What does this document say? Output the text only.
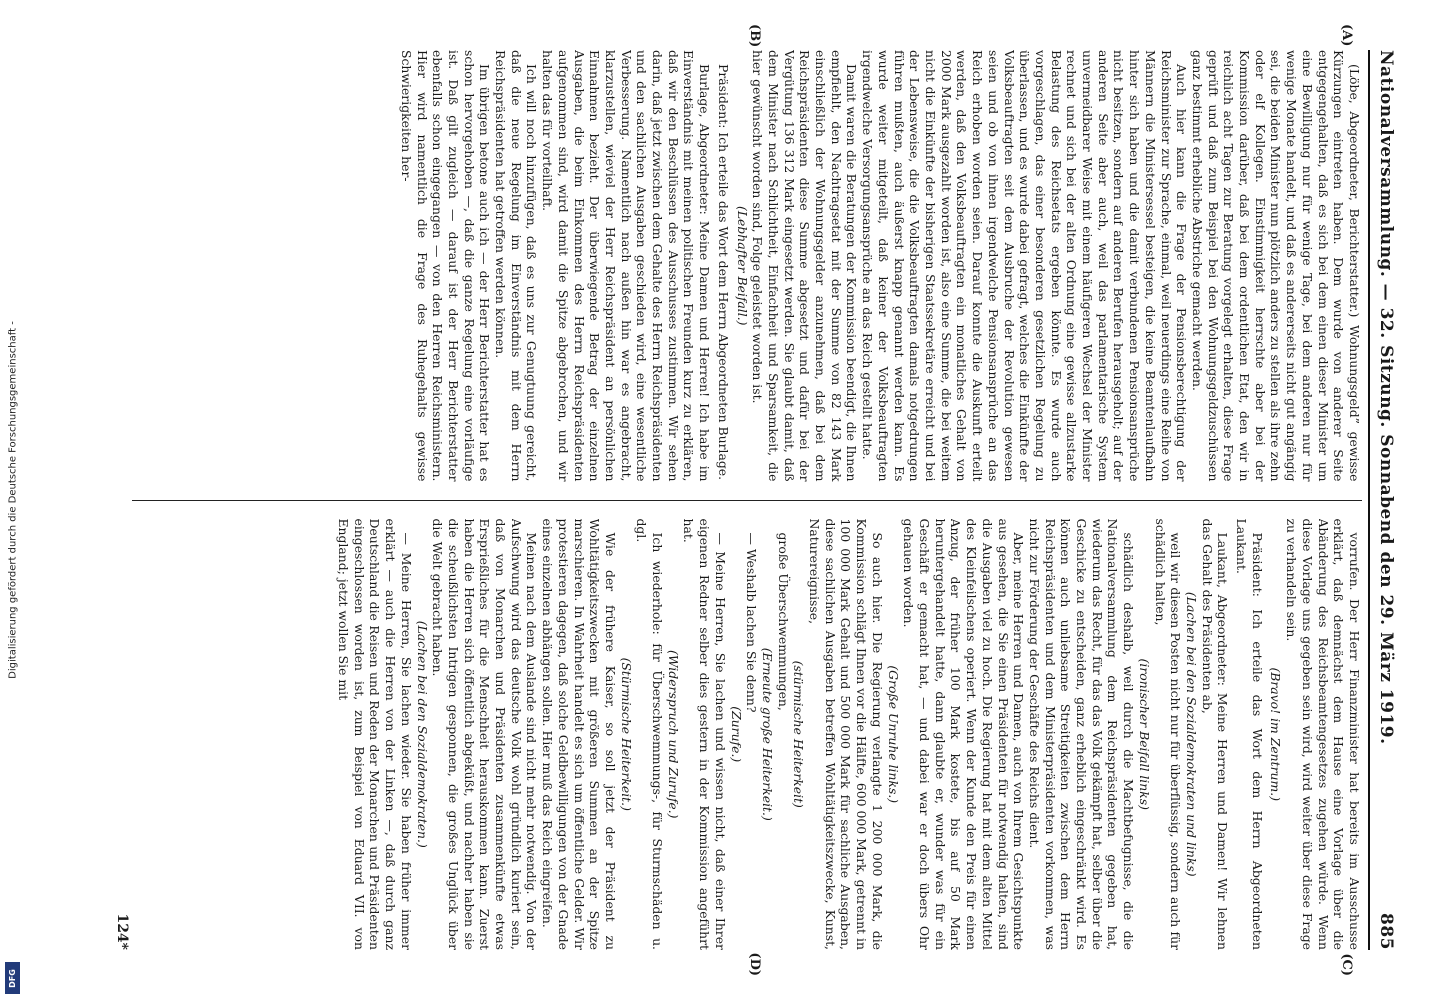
Digitalisierung gefördert durch die Deutsche Forschungsgemeinschaft -
DFG
Nationalversammlung. — 32. Sitzung. Sonnabend den 29. März 1919.
885
(A)
(B)

(Löbe, Abgeordneter, Berichterstatter.) Wohnungsgeld” gewisse Kürzungen eintreten haben. Dem wurde von anderer Seite entgegengehalten, daß es sich bei dem einen dieser Minister um eine Bewilligung nur für wenige Tage, bei dem anderen nur für wenige Monate handelt, und daß es andererseits nicht gut angängig sei, die beiden Minister nun plötzlich anders zu stellen als ihre zehn oder elf Kollegen. Einstimmigkeit herrschte aber bei der Kommission darüber, daß bei dem ordentlichen Etat, den wir in reichlich acht Tagen zur Beratung vorgelegt erhalten, diese Frage geprüft und daß zum Beispiel bei den Wohnungsgeldzuschüssen ganz bestimmt erhebliche Abstriche gemacht werden.

Auch hier kann die Frage der Pensionsberechtigung der Reichsminister zur Sprache, einmal, weil neuerdings eine Reihe von Männern die Ministersessel besteigen, die keine Beamtenlaufbahn hinter sich haben und die damit verbundenen Pensionsansprüche nicht besitzen, sondern auf anderen Berufen herausgeholt; auf der anderen Seite aber auch, weil das parlamentarische System unvermeidbarer Weise mit einem häufigeren Wechsel der Minister rechnet und sich bei der alten Ordnung eine gewisse allzustarke Belastung des Reichsetats ergeben könnte. Es wurde auch vorgeschlagen, das einer besonderen gesetzlichen Regelung zu überlassen, und es wurde dabei gefragt, welches die Einkünfte der Volksbeauftragten seit dem Ausbruche der Revolution gewesen seien und ob von ihnen irgendwelche Pensionsansprüche an das Reich erhoben worden seien. Darauf konnte die Auskunft erteilt werden, daß den Volksbeauftragten ein monatliches Gehalt von 2000 Mark ausgezahlt worden ist, also eine Summe, die bei weitem nicht die Einkünfte der bisherigen Staatssekretäre erreicht und bei der Lebensweise, die die Volksbeauftragten damals notgedrungen führen mußten, auch äußerst knapp genannt werden kann. Es wurde weiter mitgeteilt, daß keiner der Volksbeauftragten irgendwelche Versorgungsansprüche an das Reich gestellt hatte.

Damit waren die Beratungen der Kommission beendigt, die Ihnen empfiehlt, den Nachtragsetat mit der Summe von 82 143 Mark einschließlich der Wohnungsgelder anzunehmen, daß bei dem Reichspräsidenten diese Summe abgesetzt und dafür bei der Vergütung 136 312 Mark eingesetzt werden. Sie glaubt damit, daß dem Minister nach Schlichtheit, Einfachheit und Sparsamkeit, die hier gewünscht worden sind, Folge geleistet worden ist.

(Lebhafter Beifall.)

Präsident: Ich erteile das Wort dem Herrn Abgeordneten Burlage.

Burlage, Abgeordneter: Meine Damen und Herren! Ich habe im Einverständnis mit meinen politischen Freunden kurz zu erklären, daß wir den Beschlüssen des Ausschusses zustimmen. Wir sehen darin, daß jetzt zwischen dem Gehalte des Herrn Reichspräsidenten und den sachlichen Ausgaben geschieden wird, eine wesentliche Verbesserung. Namentlich nach außen hin war es angebracht, klarzustellen, wieviel der Herr Reichspräsident an persönlichen Einnahmen bezieht. Der überwiegende Betrag der einzelnen Ausgaben, die beim Einkommen des Herrn Reichspräsidenten aufgenommen sind, wird damit die Spitze abgebrochen, und wir halten das für vorteilhaft.

Ich will noch hinzufügen, daß es uns zur Genugtuung gereicht, daß die neue Regelung im Einverständnis mit dem Herrn Reichspräsidenten hat getroffen werden können.

Im übrigen betone auch ich — der Herr Berichterstatter hat es schon hervorgehoben —, daß die ganze Regelung eine vorläufige ist. Daß gilt zugleich — darauf ist der Herr Berichterstatter ebenfalls schon eingegangen — von den Herren Reichsministern. Hier wird namentlich die Frage des Ruhegehalts gewisse Schwierigkeiten her-

vorrufen. Der Herr Finanzminister hat bereits im Ausschusse erklärt, daß demnächst dem Hause eine Vorlage über die Abänderung des Reichsbeamtengesetzes zugehen würde. Wenn diese Vorlage uns gegeben sein wird, wird weiter über diese Frage zu verhandeln sein.

(Bravo! im Zentrum.)

Präsident: Ich erteile das Wort dem Herrn Abgeordneten Laukant.

Laukant, Abgeordneter: Meine Herren und Damen! Wir lehnen das Gehalt des Präsidenten ab,

(Lachen bei den Sozialdemokraten und links)

weil wir diesen Posten nicht nur für überflüssig, sondern auch für schädlich halten,

(ironischer Beifall links)

schädlich deshalb, weil durch die Machtbefugnisse, die die Nationalversammlung dem Reichspräsidenten gegeben hat, wiederum das Recht, für das das Volk gekämpft hat, selber über die Geschicke zu entscheiden, ganz erheblich eingeschränkt wird. Es können auch unliebsame Streitigkeiten zwischen dem Herrn Reichspräsidenten und dem Ministerpräsidenten vorkommen, was nicht zur Förderung der Geschäfte des Reichs dient.

Aber, meine Herren und Damen, auch von Ihrem Gesichtspunkte aus gesehen, die Sie einen Präsidenten für notwendig halten, sind die Ausgaben viel zu hoch. Die Regierung hat mit dem alten Mittel des Kleinfeilschens operiert. Wenn der Kunde den Preis für einen Anzug, der früher 100 Mark kostete, bis auf 50 Mark heruntergehandelt hatte, dann glaubte er, wunder was für ein Geschäft er gemacht hat, — und dabei war er doch übers Ohr gehauen worden.

(Große Unruhe links.)

So auch hier. Die Regierung verlangte 1 200 000 Mark, die Kommission schlägt Ihnen vor die Hälfte, 600 000 Mark, getrennt in 100 000 Mark Gehalt und 500 000 Mark für sachliche Ausgaben, diese sachlichen Ausgaben betreffen Wohltätigkeitszwecke, Kunst, Naturereignisse,

(stürmische Heiterkeit)

große Überschwemmungen,

(Erneute große Heiterkeit.)

— Weshalb lachen Sie denn?

(Zurufe.)

— Meine Herren, Sie lachen und wissen nicht, daß einer Ihrer eigenen Redner selber dies gestern in der Kommission angeführt hat.

(Widerspruch und Zurufe.)

Ich wiederhole: für Überschwemmungs-, für Sturmschäden u. dgl.

(Stürmische Heiterkeit.)

Wie der frühere Kaiser, so soll jetzt der Präsident zu Wohltätigkeitszwecken mit größeren Summen an der Spitze marschieren. In Wahrheit handelt es sich um öffentliche Gelder. Wir protestieren dagegen, daß solche Geldbewilligungen von der Gnade eines einzelnen abhängen sollen. Hier muß das Reich eingreifen.

Meinen nach dem Auslande sind nicht mehr notwendig. Von der Aufschwung wird das deutsche Volk wohl gründlich kuriert sein, daß von Monarchen und Präsidenten zusammenkünfte etwas Ersprießliches für die Menschheit herauskommen kann. Zuerst haben die Herren sich öffentlich abgeküßt, und nachher haben sie die scheußlichsten Intrigen gesponnen, die großes Unglück über die Welt gebracht haben.

(Lachen bei den Sozialdemokraten.)

— Meine Herren, Sie lachen wieder. Sie haben früher immer erklärt — auch die Herren von der Linken —, daß durch ganz Deutschland die Reisen und Reden der Monarchen und Präsidenten eingeschlossen worden ist, zum Beispiel von Eduard VII. von England; jetzt wollen Sie mit

(C)
(D)
124*
